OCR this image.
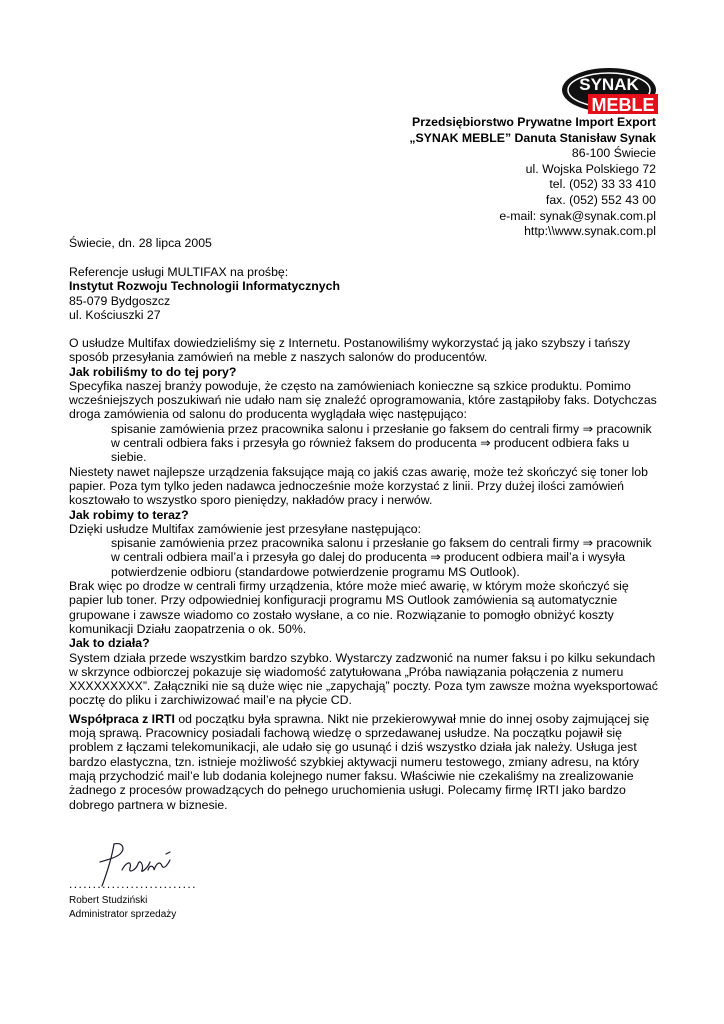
SYNAK
MEBLE
Przedsiębiorstwo Prywatne Import Export
„SYNAK MEBLE” Danuta Stanisław Synak
86-100 Świecie
ul. Wojska Polskiego 72
tel. (052) 33 33 410
fax. (052) 552 43 00
e-mail: synak@synak.com.pl
http:\\www.synak.com.pl
Świecie, dn. 28 lipca 2005
Referencje usługi MULTIFAX na prośbę:
Instytut Rozwoju Technologii Informatycznych
85-079 Bydgoszcz
ul. Kościuszki 27

O usłudze Multifax dowiedzieliśmy się z Internetu. Postanowiliśmy wykorzystać ją jako szybszy i tańszy sposób przesyłania zamówień na meble z naszych salonów do producentów.

Jak robiliśmy to do tej pory?

Specyfika naszej branży powoduje, że często na zamówieniach konieczne są szkice produktu. Pomimo wcześniejszych poszukiwań nie udało nam się znaleźć oprogramowania, które zastąpiłoby faks. Dotychczas droga zamówienia od salonu do producenta wyglądała więc następująco:

spisanie zamówienia przez pracownika salonu i przesłanie go faksem do centrali firmy ⇒ pracownik w centrali odbiera faks i przesyła go również faksem do producenta ⇒ producent odbiera faks u siebie.

Niestety nawet najlepsze urządzenia faksujące mają co jakiś czas awarię, może też skończyć się toner lob papier. Poza tym tylko jeden nadawca jednocześnie może korzystać z linii. Przy dużej ilości zamówień kosztowało to wszystko sporo pieniędzy, nakładów pracy i nerwów.

Jak robimy to teraz?

Dzięki usłudze Multifax zamówienie jest przesyłane następująco:

spisanie zamówienia przez pracownika salonu i przesłanie go faksem do centrali firmy ⇒ pracownik w centrali odbiera mail’a i przesyła go dalej do producenta ⇒ producent odbiera mail’a i wysyła potwierdzenie odbioru (standardowe potwierdzenie programu MS Outlook).

Brak więc po drodze w centrali firmy urządzenia, które może mieć awarię, w którym może skończyć się papier lub toner. Przy odpowiedniej konfiguracji programu MS Outlook zamówienia są automatycznie grupowane i zawsze wiadomo co zostało wysłane, a co nie. Rozwiązanie to pomogło obniżyć koszty komunikacji Działu zaopatrzenia o ok. 50%.

Jak to działa?

System działa przede wszystkim bardzo szybko. Wystarczy zadzwonić na numer faksu i po kilku sekundach w skrzynce odbiorczej pokazuje się wiadomość zatytułowana „Próba nawiązania połączenia z numeru XXXXXXXXX”. Załączniki nie są duże więc nie „zapychają” poczty. Poza tym zawsze można wyeksportować pocztę do pliku i zarchiwizować mail’e na płycie CD.

Współpraca z IRTI od początku była sprawna. Nikt nie przekierowywał mnie do innej osoby zajmującej się moją sprawą. Pracownicy posiadali fachową wiedzę o sprzedawanej usłudze. Na początku pojawił się problem z łączami telekomunikacji, ale udało się go usunąć i dziś wszystko działa jak należy. Usługa jest bardzo elastyczna, tzn. istnieje możliwość szybkiej aktywacji numeru testowego, zmiany adresu, na który mają przychodzić mail’e lub dodania kolejnego numer faksu. Właściwie nie czekaliśmy na zrealizowanie żadnego z procesów prowadzących do pełnego uruchomienia usługi. Polecamy firmę IRTI jako bardzo dobrego partnera w biznesie.

...........................
Robert Studziński
Administrator sprzedaży
